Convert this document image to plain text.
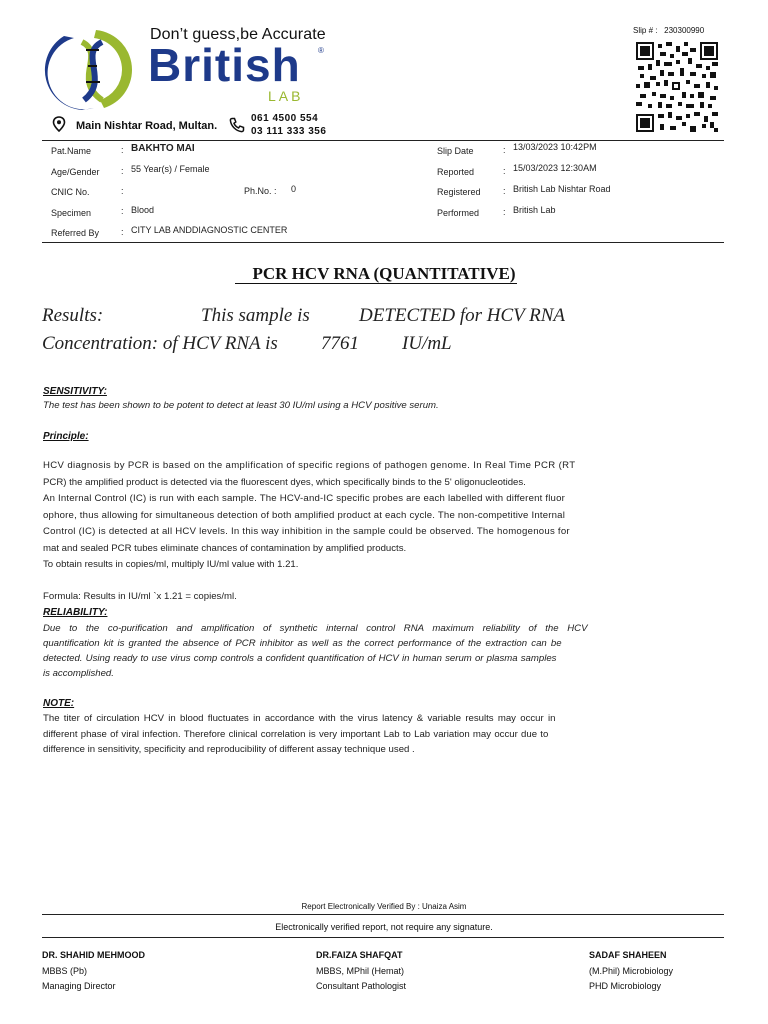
Don’t guess,be Accurate
British ®
LAB
Main Nishtar Road, Multan.
061 4500 554
03 111 333 356
Slip # : 230300990
Pat.Name	: BAKHTO MAI
Age/Gender : 55 Year(s) / Female
CNIC No.	:	Ph.No. : 0
Specimen	: Blood
Referred By : CITY LAB ANDDIAGNOSTIC CENTER
Slip Date	: 13/03/2023 10:42PM
Reported	: 15/03/2023 12:30AM
Registered : British Lab Nishtar Road
Performed	: British Lab
PCR HCV RNA (QUANTITATIVE)
Results:	This sample is	DETECTED for HCV RNA
Concentration: of HCV RNA is 7761 IU/mL
SENSITIVITY:
The test has been shown to be potent to detect at least 30 IU/ml using a HCV positive serum.
Principle:
HCV diagnosis by PCR is based on the amplification of specific regions of pathogen genome. In Real Time PCR (RT
PCR) the amplified product is detected via the fluorescent dyes, which specifically binds to the 5' oligonucleotides.
An Internal Control (IC) is run with each sample. The HCV-and-IC specific probes are each labelled with different fluor
ophore, thus allowing for simultaneous detection of both amplified product at each cycle. The non-competitive Internal
Control (IC) is detected at all HCV levels. In this way inhibition in the sample could be observed. The homogenous for
mat and sealed PCR tubes eliminate chances of contamination by amplified products.
To obtain results in copies/ml, multiply IU/ml value with 1.21.
Formula: Results in IU/ml `x 1.21 = copies/ml.
RELIABILITY:
Due to the co-purification and amplification of synthetic internal control RNA maximum reliability of the HCV
quantification kit is granted the absence of PCR inhibitor as well as the correct performance of the extraction can be
detected. Using ready to use virus comp controls a confident quantification of HCV in human serum or plasma samples
is accomplished.
NOTE:
The titer of circulation HCV in blood fluctuates in accordance with the virus latency & variable results may occur in
different phase of viral infection. Therefore clinical correlation is very important Lab to Lab variation may occur due to
difference in sensitivity, specificity and reproducibility of different assay technique used .
Report Electronically Verified By : Unaiza Asim
Electronically verified report, not require any signature.
DR. SHAHID MEHMOOD
MBBS (Pb)
Managing Director
DR.FAIZA SHAFQAT
MBBS, MPhil (Hemat)
Consultant Pathologist
SADAF SHAHEEN
(M.Phil) Microbiology
PHD Microbiology
